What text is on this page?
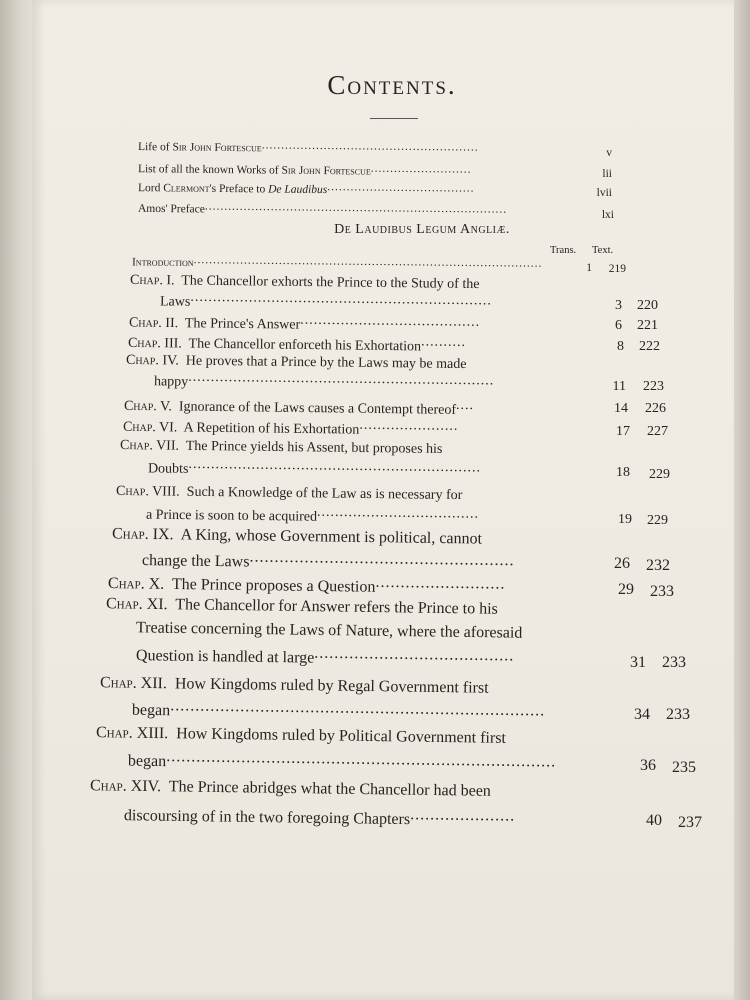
Contents.
Life of Sir John Fortescue........................................................	v
List of all the known Works of Sir John Fortescue..........................	lii
Lord Clermont's Preface to De Laudibus......................................	lvii
Amos' Preface..............................................................................	lxi
De Laudibus Legum Angliæ.
Trans. Text.
Introduction..........................................................................................	1	219
Chap. I. The Chancellor exhorts the Prince to the Study of the
Laws...................................................................	3	220
Chap. II. The Prince's Answer........................................	6	221
Chap. III. The Chancellor enforceth his Exhortation..........	8	222
Chap. IV. He proves that a Prince by the Laws may be made
happy....................................................................	11	223
Chap. V. Ignorance of the Laws causes a Contempt thereof....	14	226
Chap. VI. A Repetition of his Exhortation......................	17	227
Chap. VII. The Prince yields his Assent, but proposes his
Doubts.................................................................	18	229
Chap. VIII. Such a Knowledge of the Law as is necessary for
a Prince is soon to be acquired....................................	19	229
Chap. IX. A King, whose Government is political, cannot
change the Laws.....................................................	26	232
Chap. X. The Prince proposes a Question..........................	29	233
Chap. XI. The Chancellor for Answer refers the Prince to his
Treatise concerning the Laws of Nature, where the aforesaid
Question is handled at large........................................	31	233
Chap. XII. How Kingdoms ruled by Regal Government first
began...........................................................................	34	233
Chap. XIII. How Kingdoms ruled by Political Government first
began..............................................................................	36	235
Chap. XIV. The Prince abridges what the Chancellor had been
discoursing of in the two foregoing Chapters.....................	40	237
